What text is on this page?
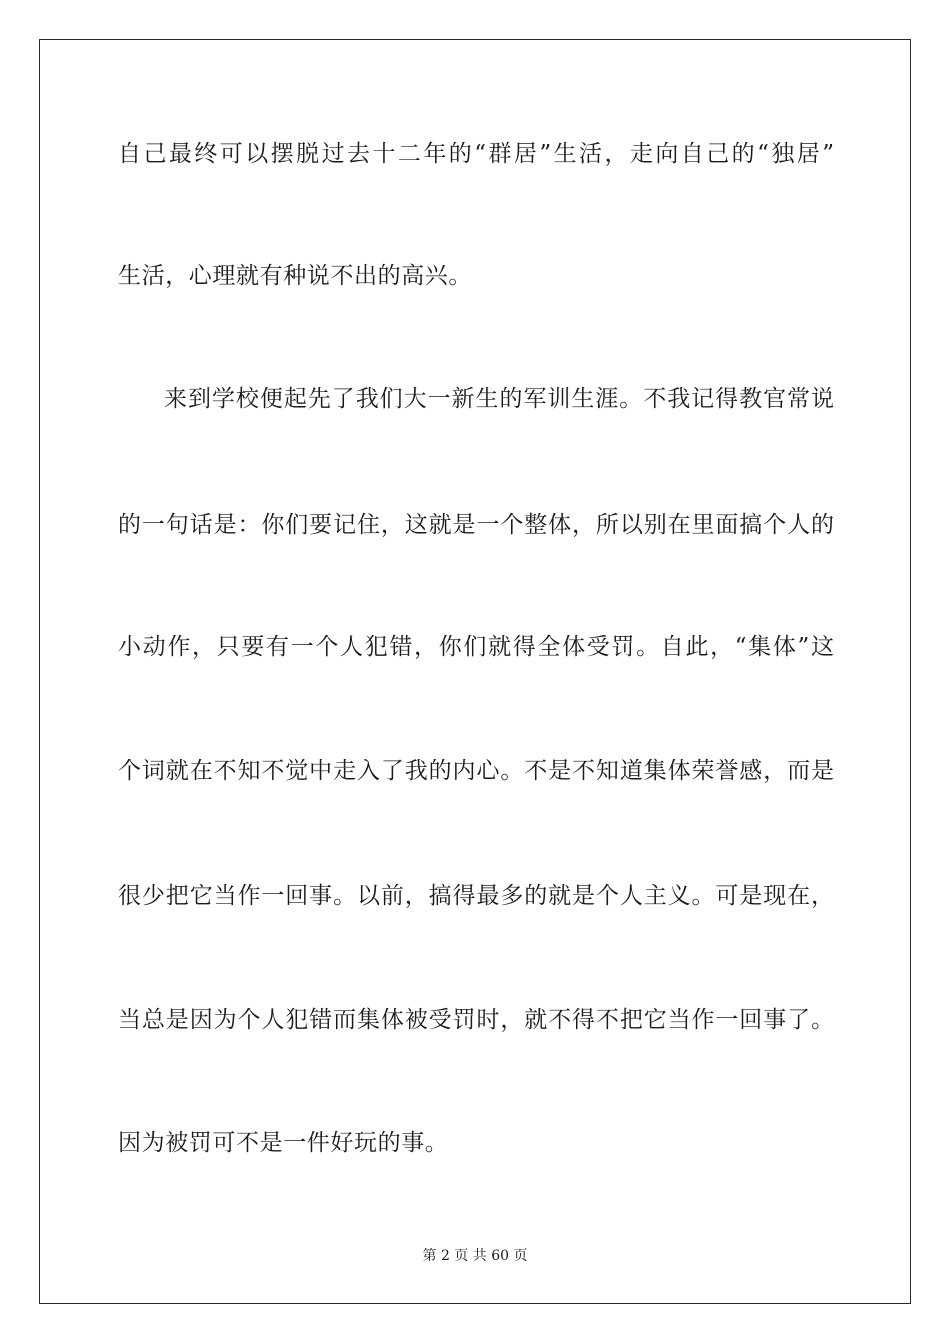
自己最终可以摆脱过去十二年的“群居”生活，走向自己的“独居”
生活，心理就有种说不出的高兴。
来到学校便起先了我们大一新生的军训生涯。不我记得教官常说
的一句话是：你们要记住，这就是一个整体，所以别在里面搞个人的
小动作，只要有一个人犯错，你们就得全体受罚。自此，“集体”这
个词就在不知不觉中走入了我的内心。不是不知道集体荣誉感，而是
很少把它当作一回事。以前，搞得最多的就是个人主义。可是现在，
当总是因为个人犯错而集体被受罚时，就不得不把它当作一回事了。
因为被罚可不是一件好玩的事。
第 2 页 共 60 页
